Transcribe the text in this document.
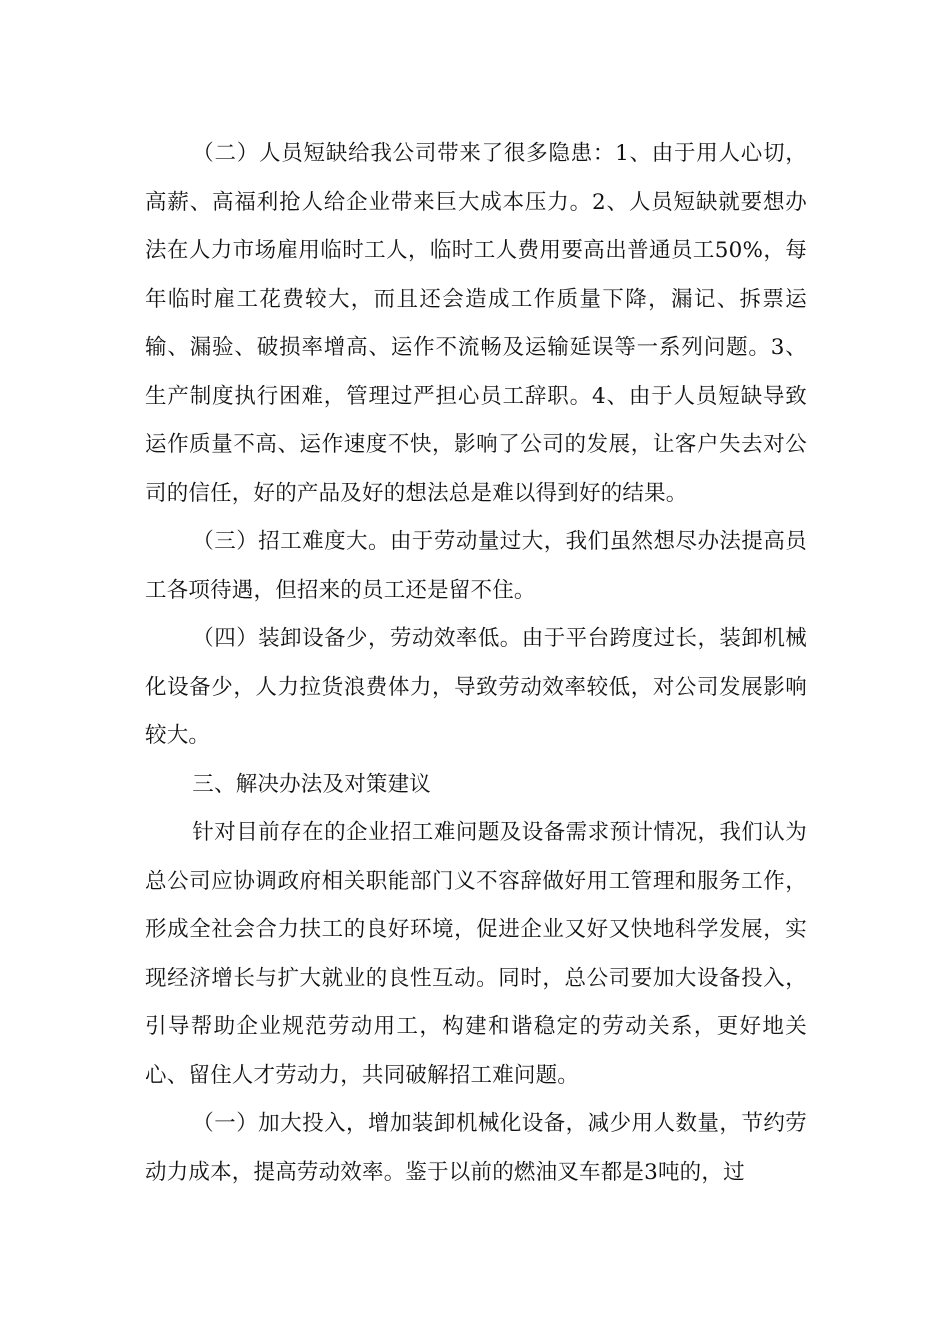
（二）人员短缺给我公司带来了很多隐患：1、由于用人心切，高薪、高福利抢人给企业带来巨大成本压力。2、人员短缺就要想办法在人力市场雇用临时工人，临时工人费用要高出普通员工50%，每年临时雇工花费较大，而且还会造成工作质量下降，漏记、拆票运输、漏验、破损率增高、运作不流畅及运输延误等一系列问题。3、生产制度执行困难，管理过严担心员工辞职。4、由于人员短缺导致运作质量不高、运作速度不快，影响了公司的发展，让客户失去对公司的信任，好的产品及好的想法总是难以得到好的结果。

（三）招工难度大。由于劳动量过大，我们虽然想尽办法提高员工各项待遇，但招来的员工还是留不住。

（四）装卸设备少，劳动效率低。由于平台跨度过长，装卸机械化设备少，人力拉货浪费体力，导致劳动效率较低，对公司发展影响较大。

三、解决办法及对策建议

针对目前存在的企业招工难问题及设备需求预计情况，我们认为总公司应协调政府相关职能部门义不容辞做好用工管理和服务工作，形成全社会合力扶工的良好环境，促进企业又好又快地科学发展，实现经济增长与扩大就业的良性互动。同时，总公司要加大设备投入，引导帮助企业规范劳动用工，构建和谐稳定的劳动关系，更好地关心、留住人才劳动力，共同破解招工难问题。

（一）加大投入，增加装卸机械化设备，减少用人数量，节约劳动力成本，提高劳动效率。鉴于以前的燃油叉车都是3吨的，过
